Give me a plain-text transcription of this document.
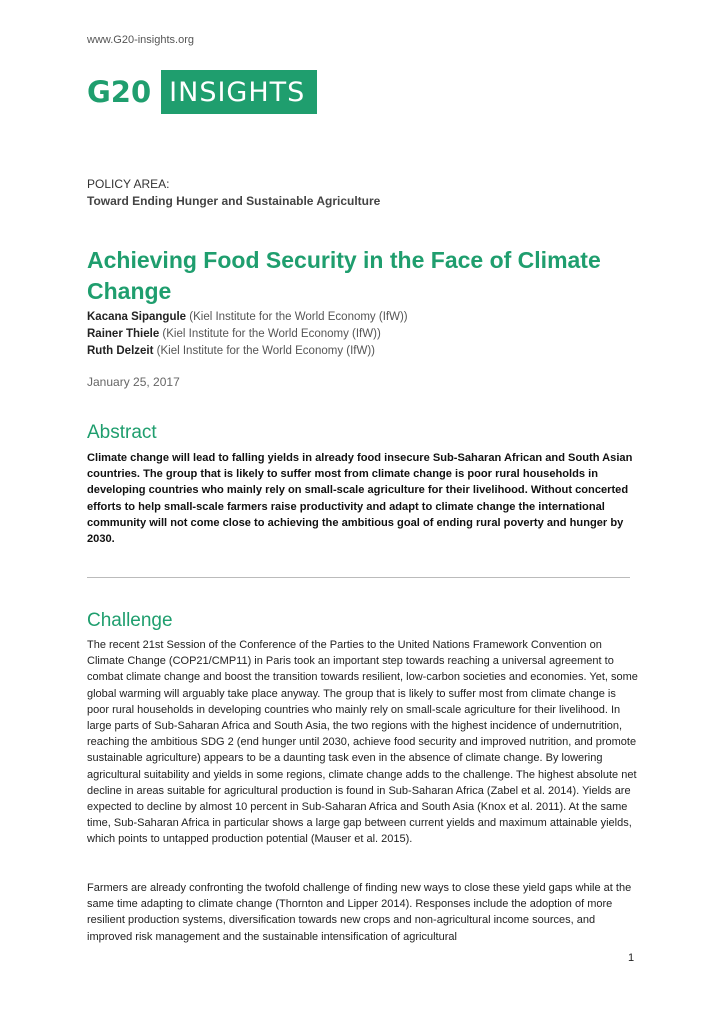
www.G20-insights.org
G20 INSIGHTS
POLICY AREA:
Toward Ending Hunger and Sustainable Agriculture
Achieving Food Security in the Face of Climate Change
Kacana Sipangule (Kiel Institute for the World Economy (IfW))
Rainer Thiele (Kiel Institute for the World Economy (IfW))
Ruth Delzeit (Kiel Institute for the World Economy (IfW))
January 25, 2017
Abstract

Climate change will lead to falling yields in already food insecure Sub-Saharan African and South Asian countries. The group that is likely to suffer most from climate change is poor rural households in developing countries who mainly rely on small-scale agriculture for their livelihood. Without concerted efforts to help small-scale farmers raise productivity and adapt to climate change the international community will not come close to achieving the ambitious goal of ending rural poverty and hunger by 2030.

Challenge

The recent 21st Session of the Conference of the Parties to the United Nations Framework Convention on Climate Change (COP21/CMP11) in Paris took an important step towards reaching a universal agreement to combat climate change and boost the transition towards resilient, low-carbon societies and economies. Yet, some global warming will arguably take place anyway. The group that is likely to suffer most from climate change is poor rural households in developing countries who mainly rely on small-scale agriculture for their livelihood. In large parts of Sub-Saharan Africa and South Asia, the two regions with the highest incidence of undernutrition, reaching the ambitious SDG 2 (end hunger until 2030, achieve food security and improved nutrition, and promote sustainable agriculture) appears to be a daunting task even in the absence of climate change. By lowering agricultural suitability and yields in some regions, climate change adds to the challenge. The highest absolute net decline in areas suitable for agricultural production is found in Sub-Saharan Africa (Zabel et al. 2014). Yields are expected to decline by almost 10 percent in Sub-Saharan Africa and South Asia (Knox et al. 2011). At the same time, Sub-Saharan Africa in particular shows a large gap between current yields and maximum attainable yields, which points to untapped production potential (Mauser et al. 2015).

Farmers are already confronting the twofold challenge of finding new ways to close these yield gaps while at the same time adapting to climate change (Thornton and Lipper 2014). Responses include the adoption of more resilient production systems, diversification towards new crops and non-agricultural income sources, and improved risk management and the sustainable intensification of agricultural

1
